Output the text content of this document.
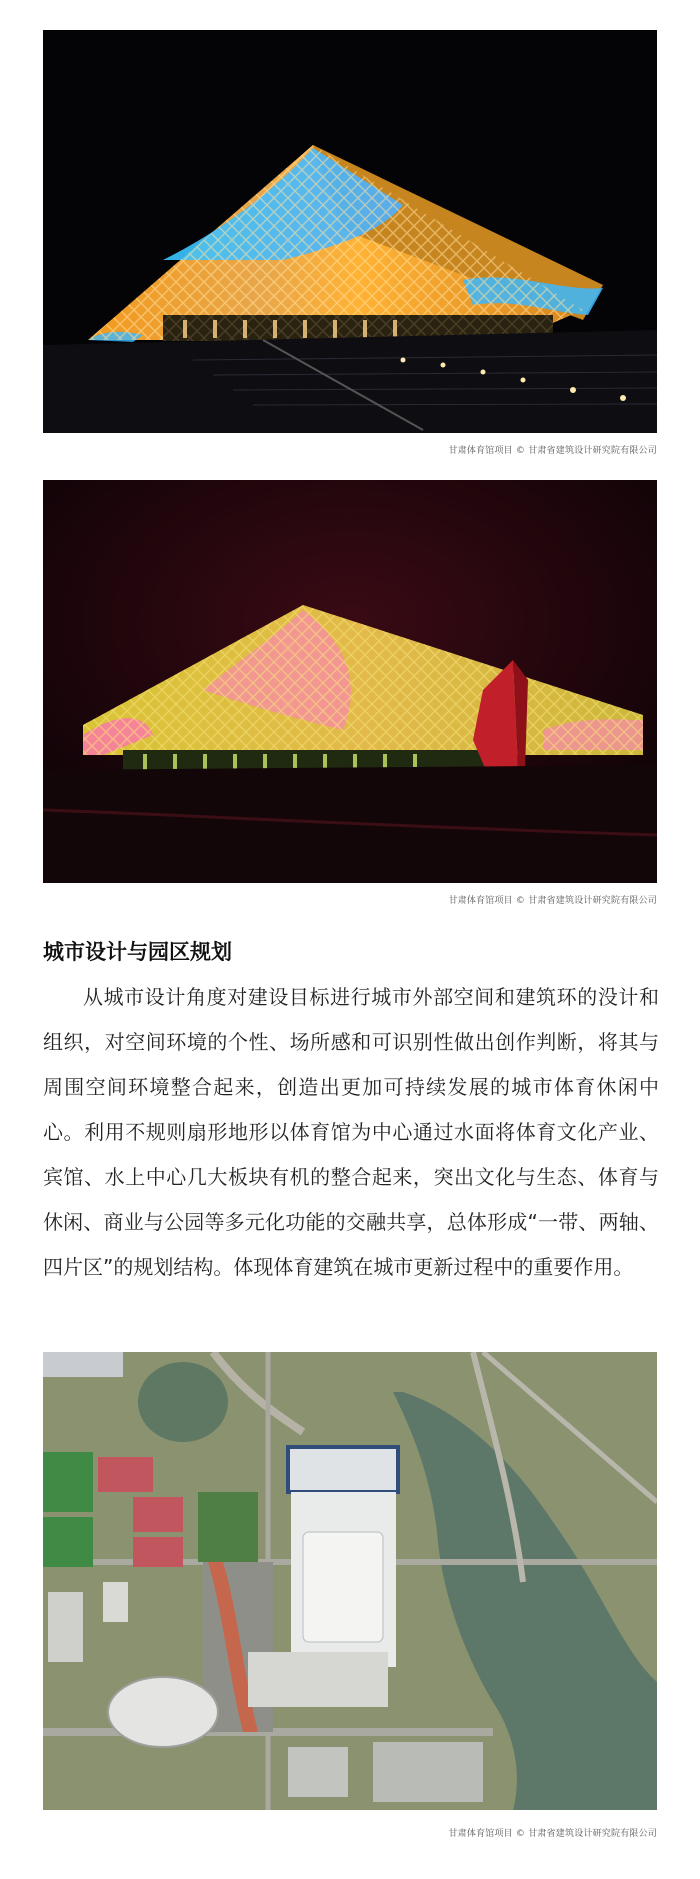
甘肃体育馆项目 © 甘肃省建筑设计研究院有限公司
甘肃体育馆项目 © 甘肃省建筑设计研究院有限公司
城市设计与园区规划

从城市设计角度对建设目标进行城市外部空间和建筑环的没计和组织，对空间环境的个性、场所感和可识别性做出创作判断，将其与周围空间环境整合起来，创造出更加可持续发展的城市体育休闲中心。利用不规则扇形地形以体育馆为中心通过水面将体育文化产业、宾馆、水上中心几大板块有机的整合起来，突出文化与生态、体育与休闲、商业与公园等多元化功能的交融共享，总体形成“一带、两轴、四片区”的规划结构。体现体育建筑在城市更新过程中的重要作用。

甘肃体育馆项目 © 甘肃省建筑设计研究院有限公司
